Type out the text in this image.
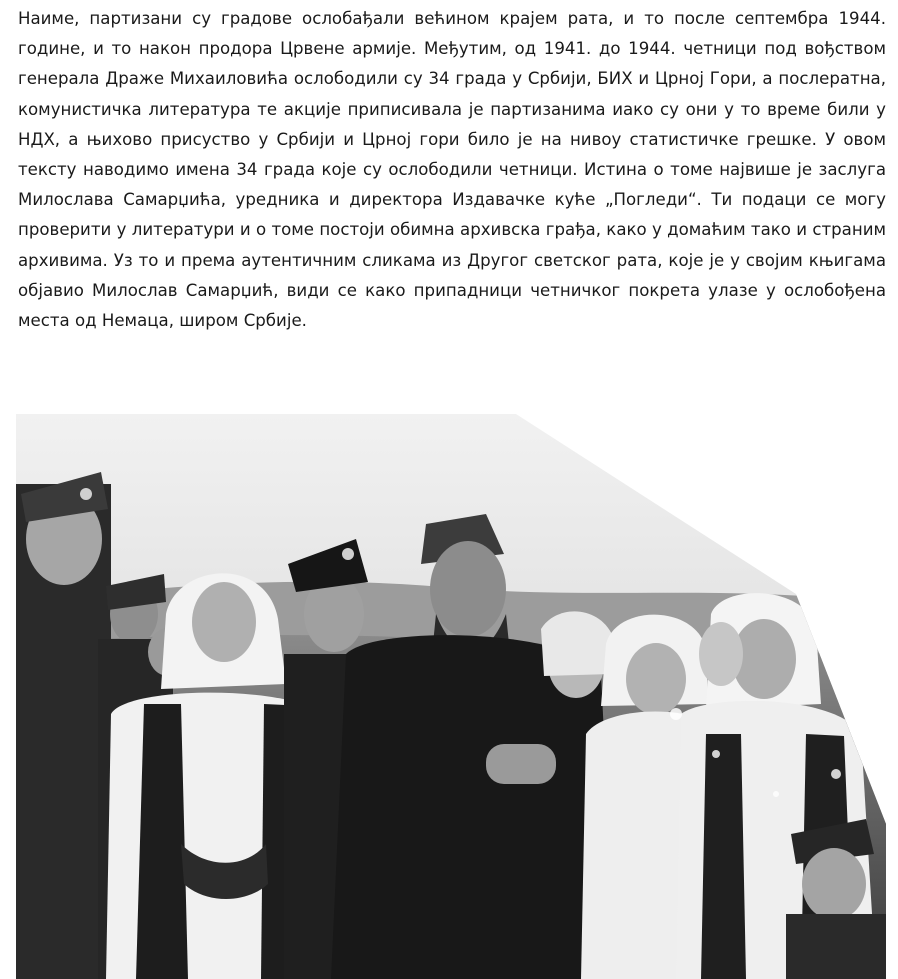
Наиме, партизани су градове ослобађали већином крајем рата, и то после септембра 1944. године, и то након продора Црвене армије. Међутим, од 1941. до 1944. четници под вођством генерала Драже Михаиловића ослободили су 34 града у Србији, БИХ и Црној Гори, а послератна, комунистичка литература те акције приписивала је партизанима иако су они у то време били у НДХ, а њихово присуство у Србији и Црној гори било је на нивоу статистичке грешке. У овом тексту наводимо имена 34 града које су ослободили четници. Истина о томе највише је заслуга Милослава Самарџића, уредника и директора Издавачке куће „Погледи“. Ти подаци се могу проверити у литератури и о томе постоји обимна архивска грађа, како у домаћим тако и страним архивима. Уз то и према аутентичним сликама из Другог светског рата, које је у својим књигама објавио Милослав Самарџић, види се како припадници четничког покрета улазе у ослобођена места од Немаца, широм Србије.
